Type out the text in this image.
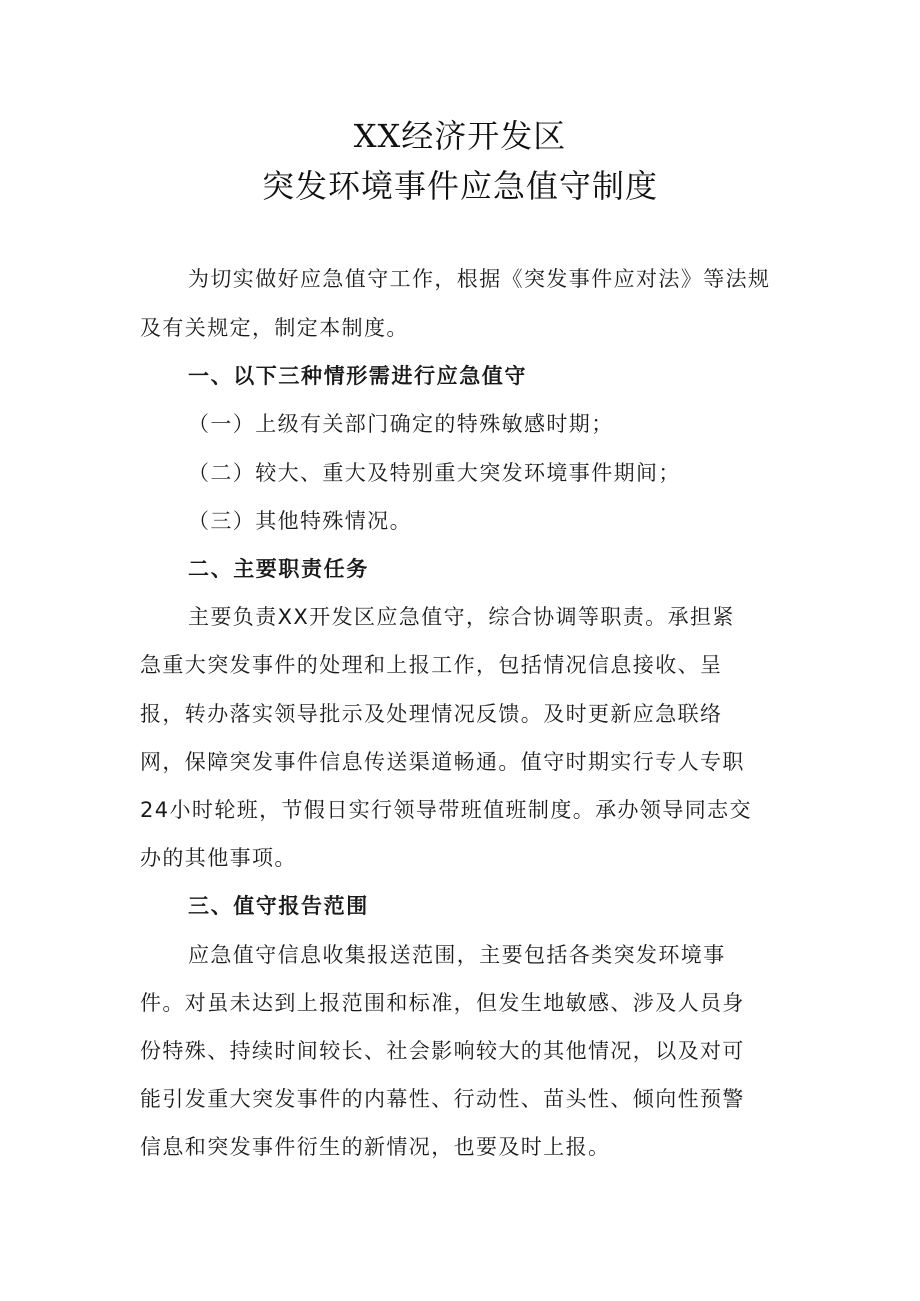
XX经济开发区
突发环境事件应急值守制度
为切实做好应急值守工作，根据《突发事件应对法》等法规
及有关规定，制定本制度。
一、以下三种情形需进行应急值守
（一）上级有关部门确定的特殊敏感时期；
（二）较大、重大及特别重大突发环境事件期间；
（三）其他特殊情况。
二、主要职责任务
主要负责XX开发区应急值守，综合协调等职责。承担紧
急重大突发事件的处理和上报工作，包括情况信息接收、呈
报，转办落实领导批示及处理情况反馈。及时更新应急联络
网，保障突发事件信息传送渠道畅通。值守时期实行专人专职
24小时轮班，节假日实行领导带班值班制度。承办领导同志交
办的其他事项。
三、值守报告范围
应急值守信息收集报送范围，主要包括各类突发环境事
件。对虽未达到上报范围和标准，但发生地敏感、涉及人员身
份特殊、持续时间较长、社会影响较大的其他情况，以及对可
能引发重大突发事件的内幕性、行动性、苗头性、倾向性预警
信息和突发事件衍生的新情况，也要及时上报。
